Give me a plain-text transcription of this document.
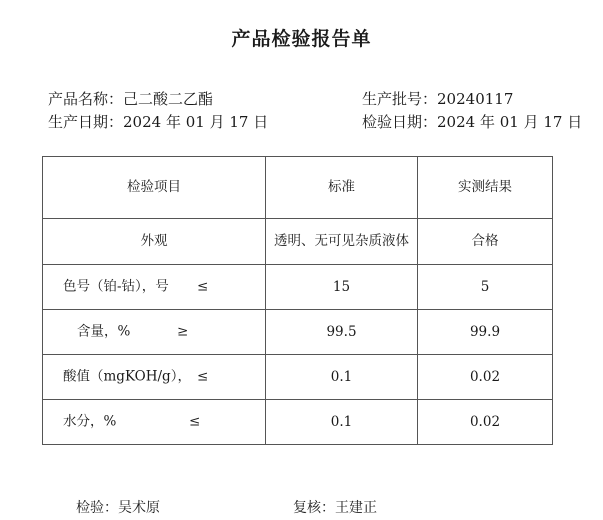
产品检验报告单
产品名称：己二酸二乙酯	生产批号：20240117
生产日期：2024 年 01 月 17 日	检验日期：2024 年 01 月 17 日
检验项目	标准	实测结果
外观	透明、无可见杂质液体	合格

色号（铂-钴），号 ≤	15	5

含量，% ≥	99.5	99.9

酸值（mgKOH/g）， ≤	0.1	0.02

水分，% ≤	0.1	0.02
检验：吴术原	复核：王建正
